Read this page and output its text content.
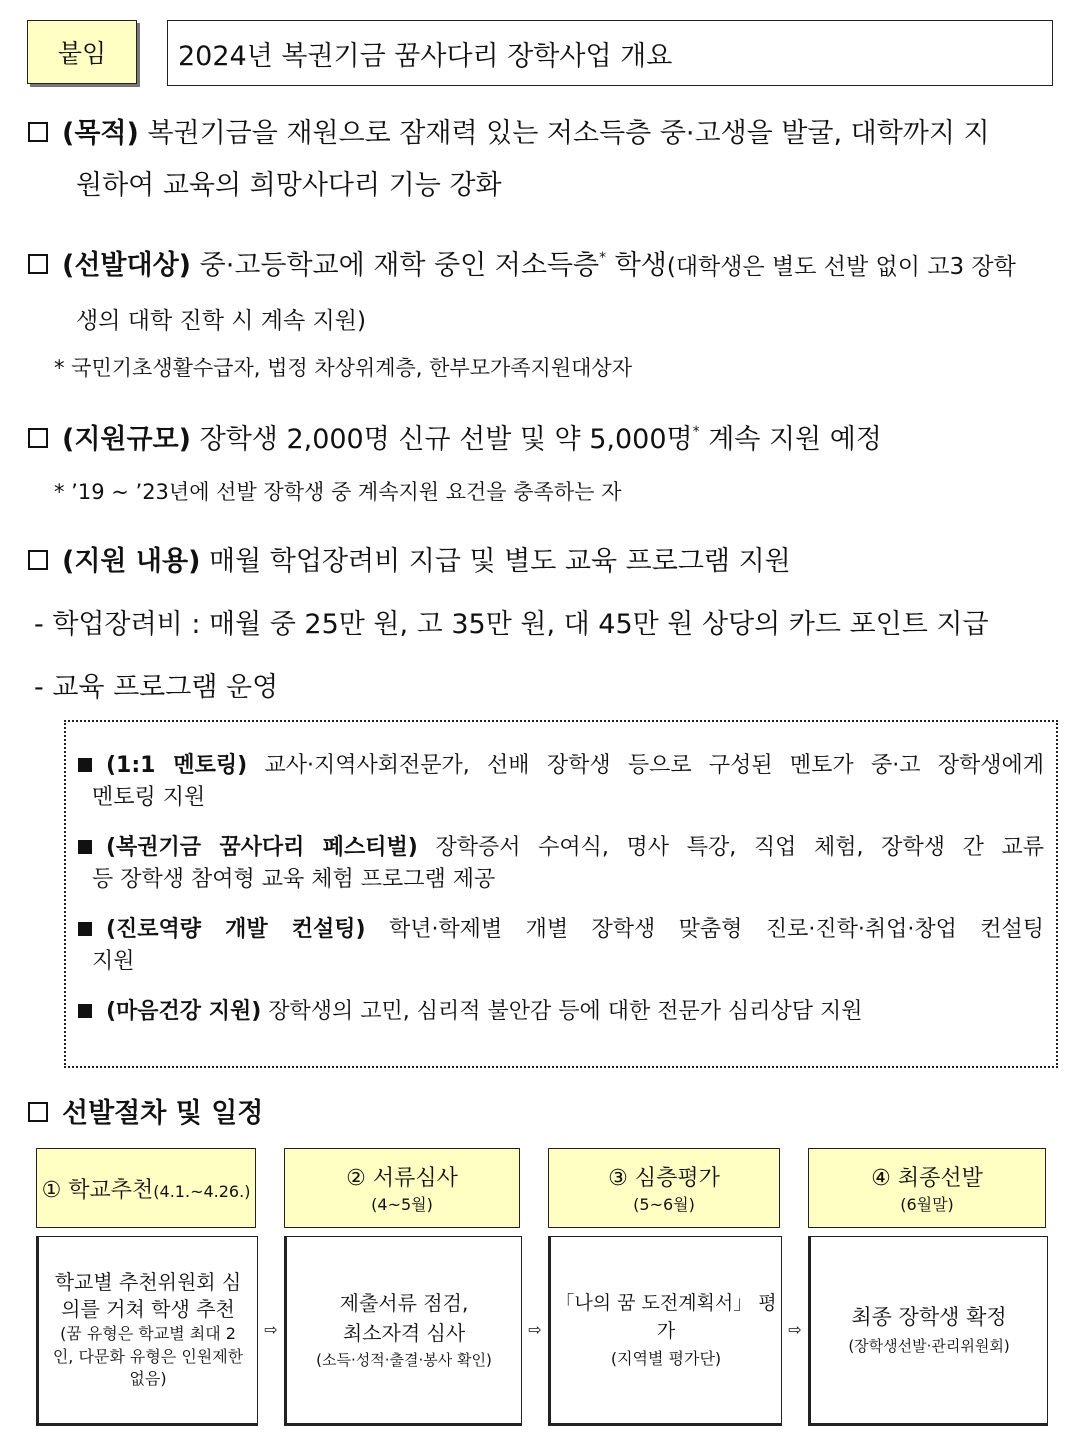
붙임	2024년 복권기금 꿈사다리 장학사업 개요
(목적) 복권기금을 재원으로 잠재력 있는 저소득층 중·고생을 발굴, 대학까지 지
원하여 교육의 희망사다리 기능 강화
(선발대상) 중·고등학교에 재학 중인 저소득층* 학생(대학생은 별도 선발 없이 고3 장학
생의 대학 진학 시 계속 지원)
* 국민기초생활수급자, 법정 차상위계층, 한부모가족지원대상자
(지원규모) 장학생 2,000명 신규 선발 및 약 5,000명* 계속 지원 예정
* ’19 ~ ’23년에 선발 장학생 중 계속지원 요건을 충족하는 자
(지원 내용) 매월 학업장려비 지급 및 별도 교육 프로그램 지원
- 학업장려비 : 매월 중 25만 원, 고 35만 원, 대 45만 원 상당의 카드 포인트 지급
- 교육 프로그램 운영
(1:1 멘토링) 교사·지역사회전문가, 선배 장학생 등으로 구성된 멘토가 중·고 장학생에게
멘토링 지원
(복권기금 꿈사다리 페스티벌) 장학증서 수여식, 명사 특강, 직업 체험, 장학생 간 교류
등 장학생 참여형 교육 체험 프로그램 제공
(진로역량 개발 컨설팅) 학년·학제별 개별 장학생 맞춤형 진로·진학·취업·창업 컨설팅
지원
(마음건강 지원) 장학생의 고민, 심리적 불안감 등에 대한 전문가 심리상담 지원
선발절차 및 일정
① 학교추천(4.1.~4.26.)	② 서류심사
(4~5월)
③ 심층평가
(5~6월)
④ 최종선발
(6월말)
학교별 추천위원회 심
의를 거쳐 학생 추천
(꿈 유형은 학교별 최대 2
인, 다문화 유형은 인원제한
없음)
⇨
제출서류 점검,
최소자격 심사
(소득·성적·출결·봉사 확인)
⇨
「나의 꿈 도전계획서」 평
가
(지역별 평가단)
⇨
최종 장학생 확정
(장학생선발·관리위원회)
